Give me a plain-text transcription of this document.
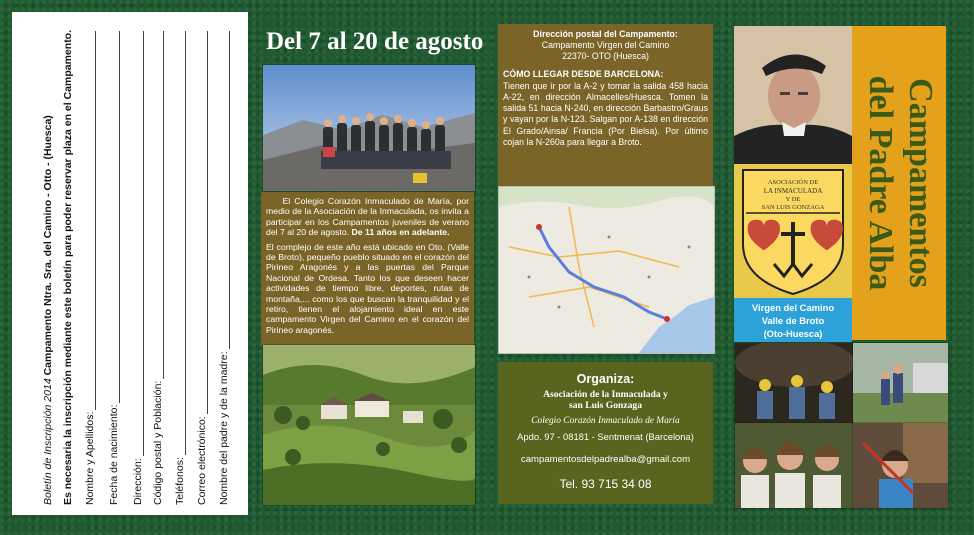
Boletín de Inscripción 2014 Campamento Ntra. Sra. del Camino - Otto - (Huesca) Es necesaria la inscripción mediante este boletín para poder reservar plaza en el Campamento. Nombre y Apellidos: Fecha de nacimiento: Dirección: Código postal y Población: Teléfonos: Correo electrónico: Nombre del padre y de la madre:
Del 7 al 20 de agosto

El Colegio Corazón Inmaculado de María, por medio de la Asociación de la Inmaculada, os invita a participar en los Campamentos juveniles de verano del 7 al 20 de agosto. De 11 años en adelante.

El complejo de este año está ubicado en Oto. (Valle de Broto), pequeño pueblo situado en el corazón del Pirineo Aragonés y a las puertas del Parque Nacional de Ordesa. Tanto los que deseen hacer actividades de tiempo libre, deportes, rutas de montaña,... como los que buscan la tranquilidad y el retiro, tienen el alojamiento ideal en este campamento Virgen del Camino en el corazón del Pirineo aragonés.

Dirección postal del Campamento:
Campamento Virgen del Camino
22370- OTO (Huesca)
CÓMO LLEGAR DESDE BARCELONA:
Tienen que ir por la A-2 y tomar la salida 458 hacia A-22, en dirección Almacelles/Huesca. Tomen la salida 51 hacia N-240, en dirección Barbastro/Graus y vayan por la N-123. Salgan por A-138 en dirección El Grado/Ainsa/ Francia (Por Bielsa). Por último cojan la N-260a para llegar a Broto.
Organiza:
Asociación de la Inmaculada y
san Luis Gonzaga
Colegio Corazón Inmaculado de María
Apdo. 97 - 08181 - Sentmenat (Barcelona)
campamentosdelpadrealba@gmail.com
Tel. 93 715 34 08
ASOCIACIÓN DE
LA INMACULADA
Y DE
SAN LUIS GONZAGA
Virgen del Camino
Valle de Broto
(Oto-Huesca)
Campamentos
del Padre Alba
